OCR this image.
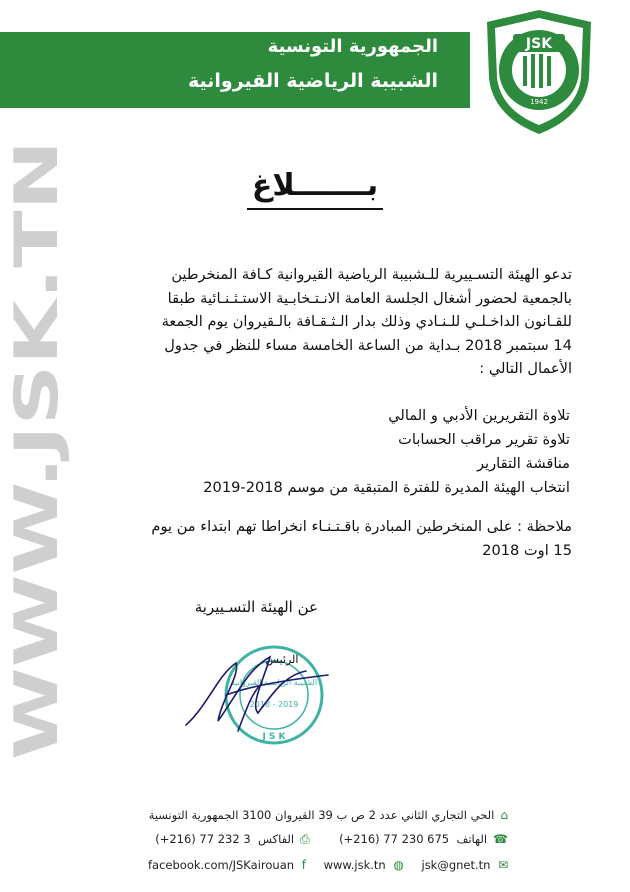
الجمهورية التونسية
الشبيبة الرياضية القيروانية
JSK
1942
WWW.JSK.TN
بـــــــلاغ

تدعو الهيئة التسـييرية للـشبيبة الرياضية القيروانية كـافة المنخرطين

بالجمعية لحضور أشغال الجلسة العامة الانـتـخابـية الاستـثـنـائية طبقا

للقـانون الداخـلـي للـنـادي وذلك بدار الـثـقـافة بالـقيروان يوم الجمعة

14 سبتمبر 2018 بـداية من الساعة الخامسة مساء للنظر في جدول

الأعمال التالي :

تلاوة التقريرين الأدبي و المالي
تلاوة تقرير مراقب الحسابات
مناقشة التقارير
انتخاب الهيئة المديرة للفترة المتبقية من موسم 2018-2019

ملاحظة : على المنخرطين المبادرة باقـتـنـاء انخراطا تهم ابتداء من يوم

15 اوت 2018

عن الهيئة التسـييرية
الشبيبة الرياضية القيروانية
2018 - 2019
J S K
الرئيس
⌂الحي التجاري الثاني عدد 2 ص ب 39 القيروان 3100 الجمهورية التونسية
☎الهاتف  (+216) 77 230 675  ⎙الفاكس  (+216) 77 232 3
facebook.com/JSKairouan f www.jsk.tn ◍ jsk@gnet.tn ✉
